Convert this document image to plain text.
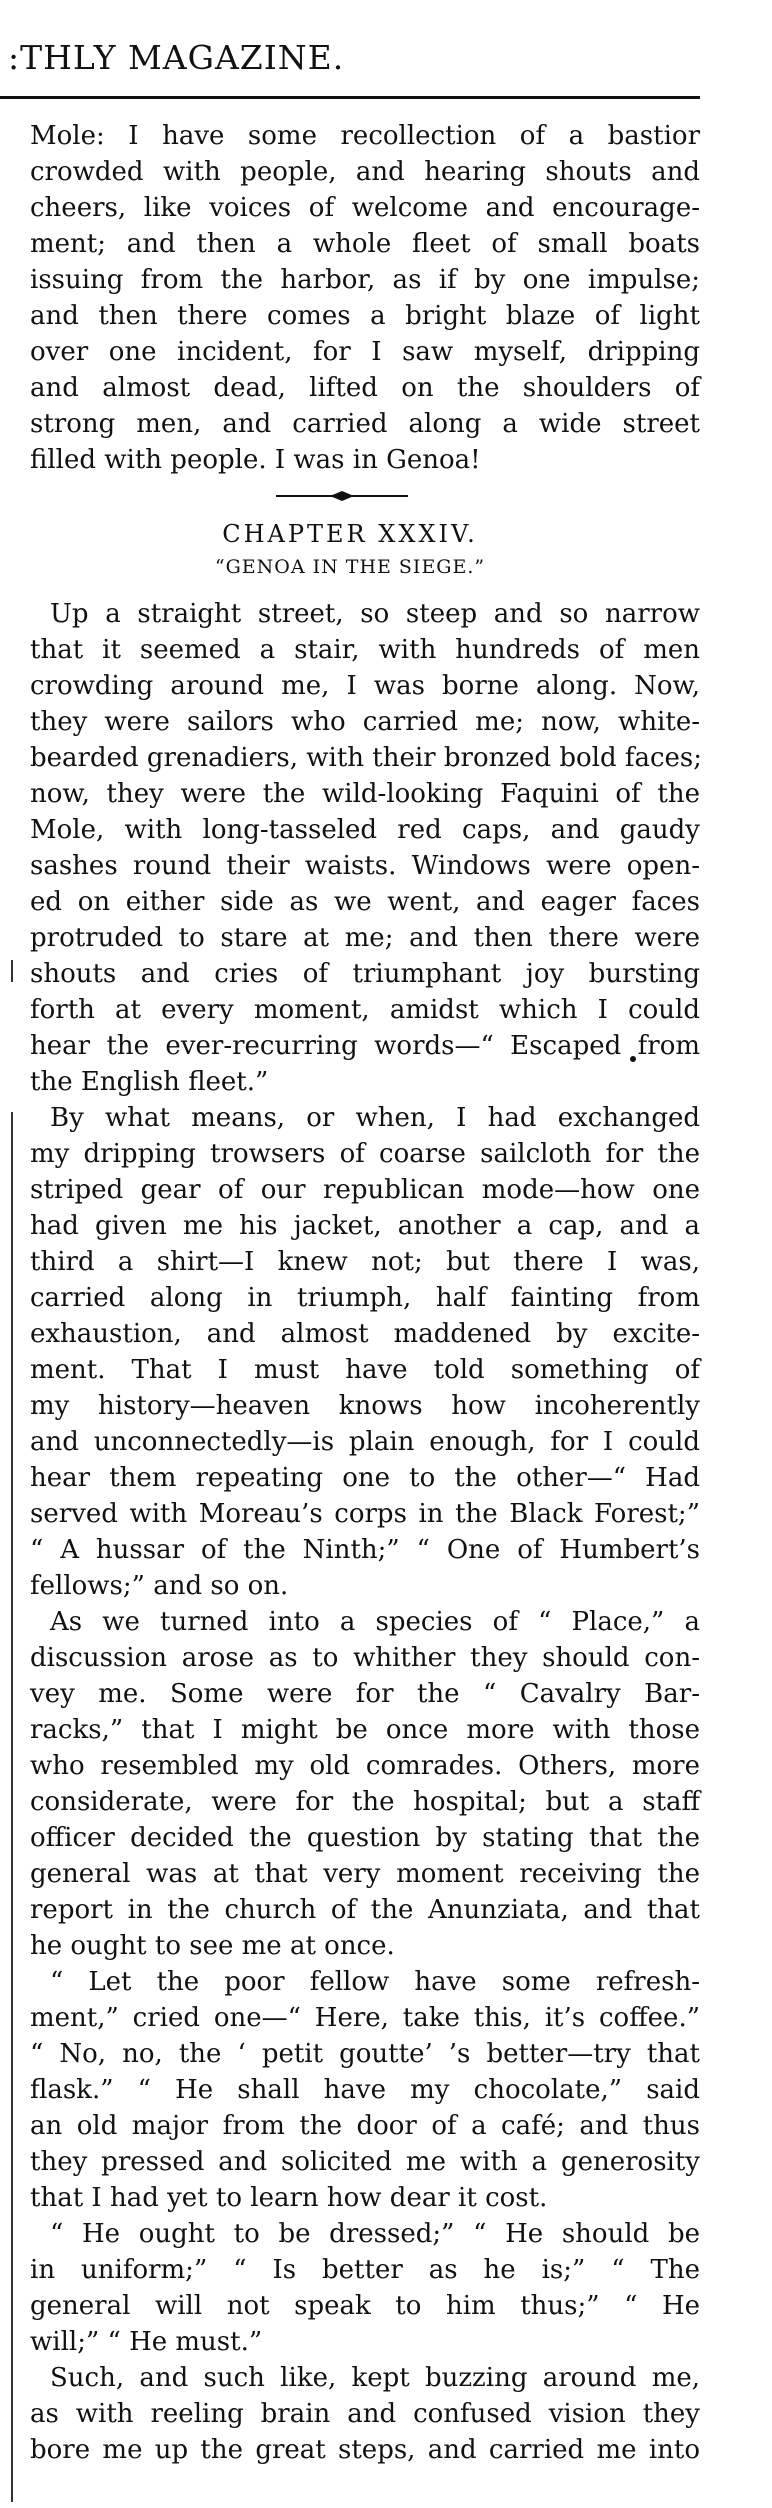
:THLY MAGAZINE.
Mole: I have some recollection of a bastior
crowded with people, and hearing shouts and
cheers, like voices of welcome and encourage-
ment; and then a whole fleet of small boats
issuing from the harbor, as if by one impulse;
and then there comes a bright blaze of light
over one incident, for I saw myself, dripping
and almost dead, lifted on the shoulders of
strong men, and carried along a wide street
filled with people. I was in Genoa!
CHAPTER XXXIV.
“GENOA IN THE SIEGE.”
Up a straight street, so steep and so narrow
that it seemed a stair, with hundreds of men
crowding around me, I was borne along. Now,
they were sailors who carried me; now, white-
bearded grenadiers, with their bronzed bold faces;
now, they were the wild-looking Faquini of the
Mole, with long-tasseled red caps, and gaudy
sashes round their waists. Windows were open-
ed on either side as we went, and eager faces
protruded to stare at me; and then there were
shouts and cries of triumphant joy bursting
forth at every moment, amidst which I could
hear the ever-recurring words—“ Escaped from
the English fleet.”
By what means, or when, I had exchanged
my dripping trowsers of coarse sailcloth for the
striped gear of our republican mode—how one
had given me his jacket, another a cap, and a
third a shirt—I knew not; but there I was,
carried along in triumph, half fainting from
exhaustion, and almost maddened by excite-
ment. That I must have told something of
my history—heaven knows how incoherently
and unconnectedly—is plain enough, for I could
hear them repeating one to the other—“ Had
served with Moreau’s corps in the Black Forest;”
“ A hussar of the Ninth;” “ One of Humbert’s
fellows;” and so on.
As we turned into a species of “ Place,” a
discussion arose as to whither they should con-
vey me. Some were for the “ Cavalry Bar-
racks,” that I might be once more with those
who resembled my old comrades. Others, more
considerate, were for the hospital; but a staff
officer decided the question by stating that the
general was at that very moment receiving the
report in the church of the Anunziata, and that
he ought to see me at once.
“ Let the poor fellow have some refresh-
ment,” cried one—“ Here, take this, it’s coffee.”
“ No, no, the ‘ petit goutte’ ’s better—try that
flask.” “ He shall have my chocolate,” said
an old major from the door of a café; and thus
they pressed and solicited me with a generosity
that I had yet to learn how dear it cost.
“ He ought to be dressed;” “ He should be
in uniform;” “ Is better as he is;” “ The
general will not speak to him thus;” “ He
will;” “ He must.”
Such, and such like, kept buzzing around me,
as with reeling brain and confused vision they
bore me up the great steps, and carried me into
